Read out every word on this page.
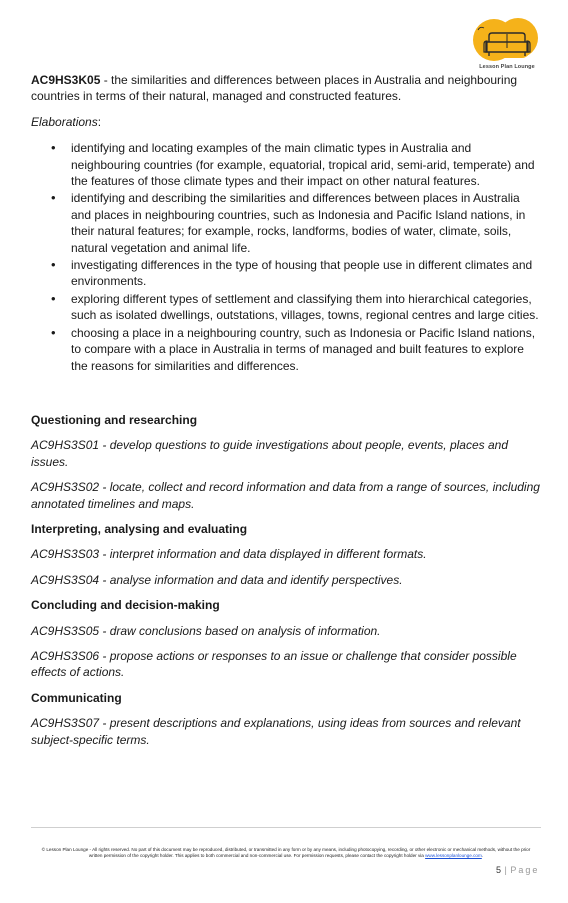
Lesson Plan Lounge

AC9HS3K05 - the similarities and differences between places in Australia and neighbouring countries in terms of their natural, managed and constructed features.

Elaborations:

• identifying and locating examples of the main climatic types in Australia and neighbouring countries (for example, equatorial, tropical arid, semi-arid, temperate) and the features of those climate types and their impact on other natural features.
• identifying and describing the similarities and differences between places in Australia and places in neighbouring countries, such as Indonesia and Pacific Island nations, in their natural features; for example, rocks, landforms, bodies of water, climate, soils, natural vegetation and animal life.
• investigating differences in the type of housing that people use in different climates and environments.
• exploring different types of settlement and classifying them into hierarchical categories, such as isolated dwellings, outstations, villages, towns, regional centres and large cities.
• choosing a place in a neighbouring country, such as Indonesia or Pacific Island nations, to compare with a place in Australia in terms of managed and built features to explore the reasons for similarities and differences.

Questioning and researching

AC9HS3S01 - develop questions to guide investigations about people, events, places and issues.

AC9HS3S02 - locate, collect and record information and data from a range of sources, including annotated timelines and maps.

Interpreting, analysing and evaluating

AC9HS3S03 - interpret information and data displayed in different formats.

AC9HS3S04 - analyse information and data and identify perspectives.

Concluding and decision-making

AC9HS3S05 - draw conclusions based on analysis of information.

AC9HS3S06 - propose actions or responses to an issue or challenge that consider possible effects of actions.

Communicating

AC9HS3S07 - present descriptions and explanations, using ideas from sources and relevant subject-specific terms.

© Lesson Plan Lounge - All rights reserved. No part of this document may be reproduced, distributed, or transmitted in any form or by any means, including photocopying, recording, or other electronic or mechanical methods, without the prior written permission of the copyright holder. This applies to both commercial and non-commercial use. For permission requests, please contact the copyright holder via www.lessonplanlounge.com.
5 | Page
